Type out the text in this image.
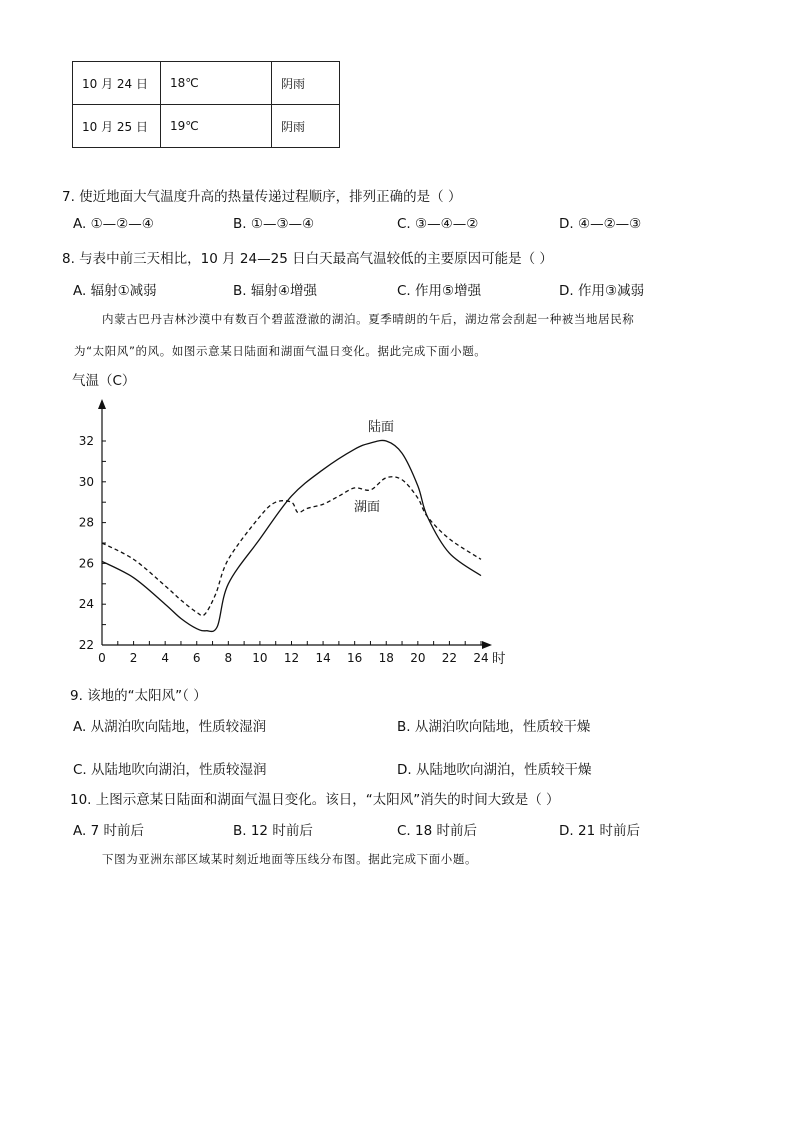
10 月 24 日	18℃	阴雨
10 月 25 日	19℃	阴雨
7. 使近地面大气温度升高的热量传递过程顺序，排列正确的是（ ）
A. ①—②—④	B. ①—③—④	C. ③—④—②	D. ④—②—③
8. 与表中前三天相比，10 月 24—25 日白天最高气温较低的主要原因可能是（ ）
A. 辐射①减弱	B. 辐射④增强	C. 作用⑤增强	D. 作用③减弱
内蒙古巴丹吉林沙漠中有数百个碧蓝澄澈的湖泊。夏季晴朗的午后，湖边常会刮起一种被当地居民称
为“太阳风”的风。如图示意某日陆面和湖面气温日变化。据此完成下面小题。
0 2 4 6 8 10 12 14 16 18 20 22 24
22
24
26
28
30
32
气温（C）
时
陆面
湖面
9. 该地的“太阳风”（ ）
A. 从湖泊吹向陆地，性质较湿润	B. 从湖泊吹向陆地，性质较干燥
C. 从陆地吹向湖泊，性质较湿润	D. 从陆地吹向湖泊，性质较干燥
10. 上图示意某日陆面和湖面气温日变化。该日，“太阳风”消失的时间大致是（ ）
A. 7 时前后	B. 12 时前后	C. 18 时前后	D. 21 时前后
下图为亚洲东部区域某时刻近地面等压线分布图。据此完成下面小题。
